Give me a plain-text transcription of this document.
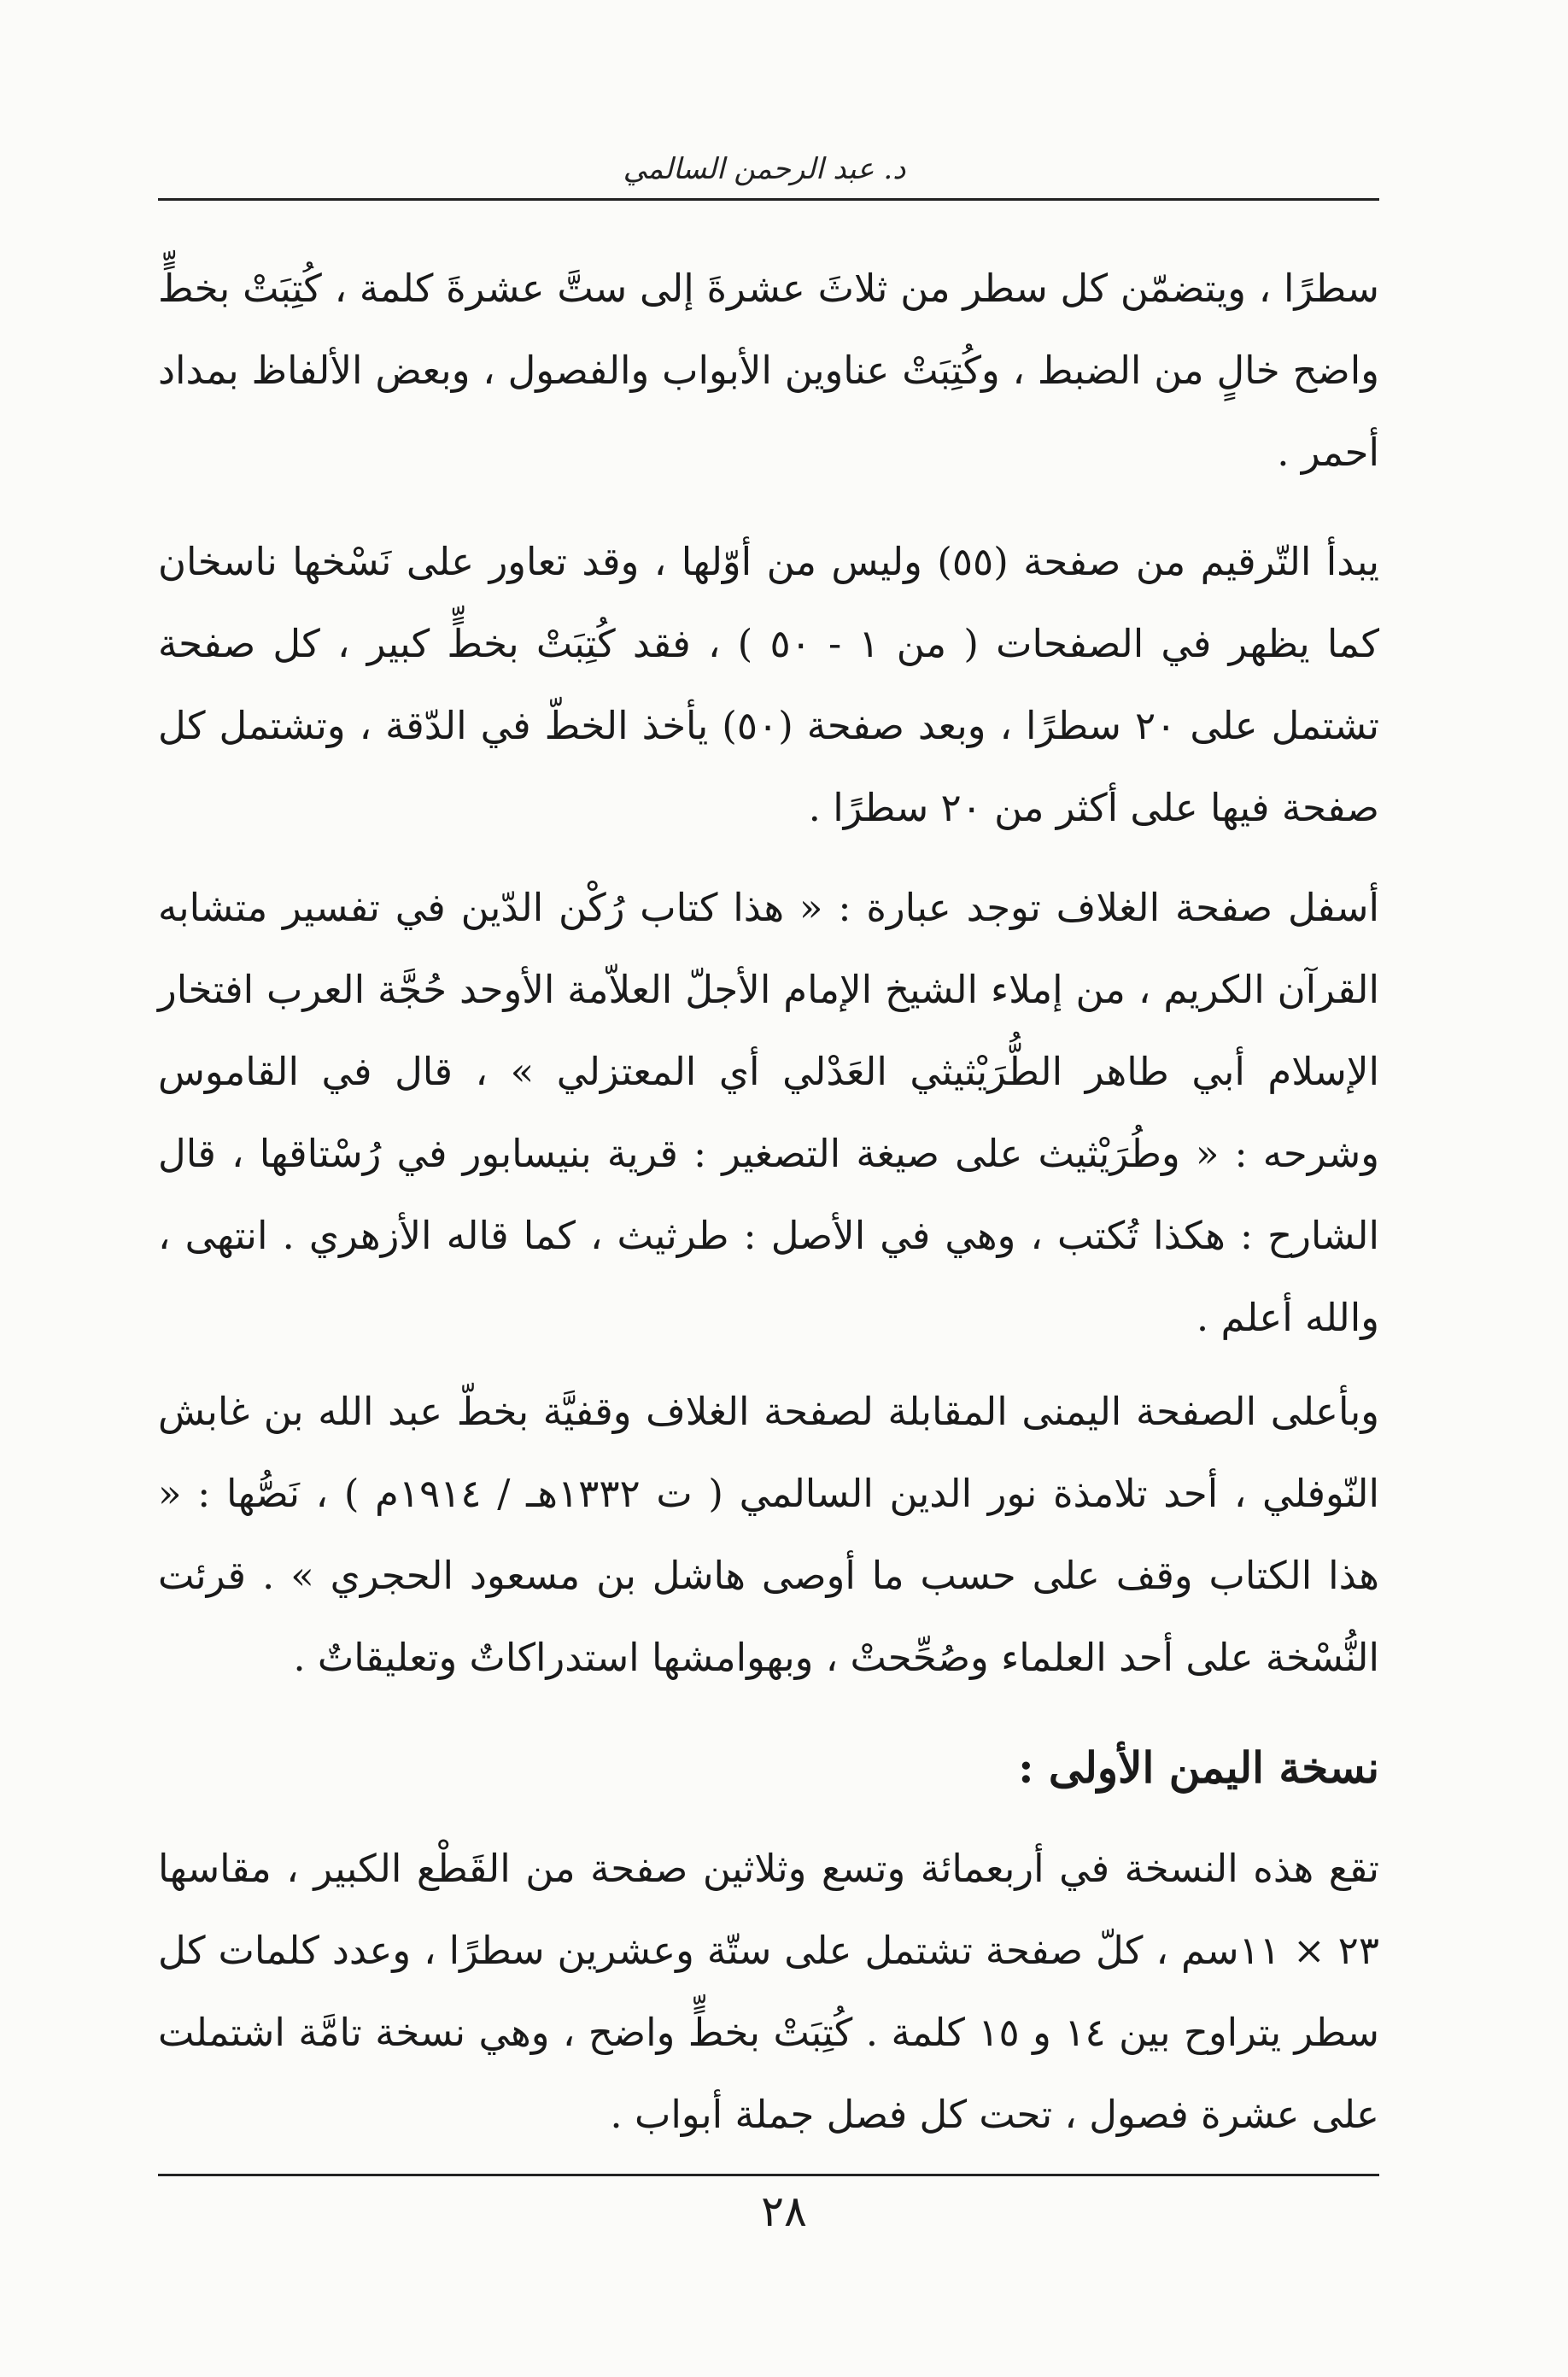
د. عبد الرحمن السالمي

سطرًا ، ويتضمّن كل سطر من ثلاثَ عشرةَ إلى ستَّ عشرةَ كلمة ، كُتِبَتْ بخطٍّ واضح خالٍ من الضبط ، وكُتِبَتْ عناوين الأبواب والفصول ، وبعض الألفاظ بمداد أحمر .

يبدأ التّرقيم من صفحة (٥٥) وليس من أوّلها ، وقد تعاور على نَسْخها ناسخان كما يظهر في الصفحات ( من ١ - ٥٠ ) ، فقد كُتِبَتْ بخطٍّ كبير ، كل صفحة تشتمل على ٢٠ سطرًا ، وبعد صفحة (٥٠) يأخذ الخطّ في الدّقة ، وتشتمل كل صفحة فيها على أكثر من ٢٠ سطرًا .

أسفل صفحة الغلاف توجد عبارة : « هذا كتاب رُكْن الدّين في تفسير متشابه القرآن الكريم ، من إملاء الشيخ الإمام الأجلّ العلاّمة الأوحد حُجَّة العرب افتخار الإسلام أبي طاهر الطُّرَيْثيثي العَدْلي أي المعتزلي » ، قال في القاموس وشرحه : « وطُرَيْثيث على صيغة التصغير : قرية بنيسابور في رُسْتاقها ، قال الشارح : هكذا تُكتب ، وهي في الأصل : طرثيث ، كما قاله الأزهري . انتهى ، والله أعلم .

وبأعلى الصفحة اليمنى المقابلة لصفحة الغلاف وقفيَّة بخطّ عبد الله بن غابش النّوفلي ، أحد تلامذة نور الدين السالمي ( ت ١٣٣٢هـ / ١٩١٤م ) ، نَصُّها : « هذا الكتاب وقف على حسب ما أوصى هاشل بن مسعود الحجري » . قرئت النُّسْخة على أحد العلماء وصُحِّحتْ ، وبهوامشها استدراكاتٌ وتعليقاتٌ .

نسخة اليمن الأولى :

تقع هذه النسخة في أربعمائة وتسع وثلاثين صفحة من القَطْع الكبير ، مقاسها ٢٣ × ١١سم ، كلّ صفحة تشتمل على ستّة وعشرين سطرًا ، وعدد كلمات كل سطر يتراوح بين ١٤ و ١٥ كلمة . كُتِبَتْ بخطٍّ واضح ، وهي نسخة تامَّة اشتملت على عشرة فصول ، تحت كل فصل جملة أبواب .

٢٨
